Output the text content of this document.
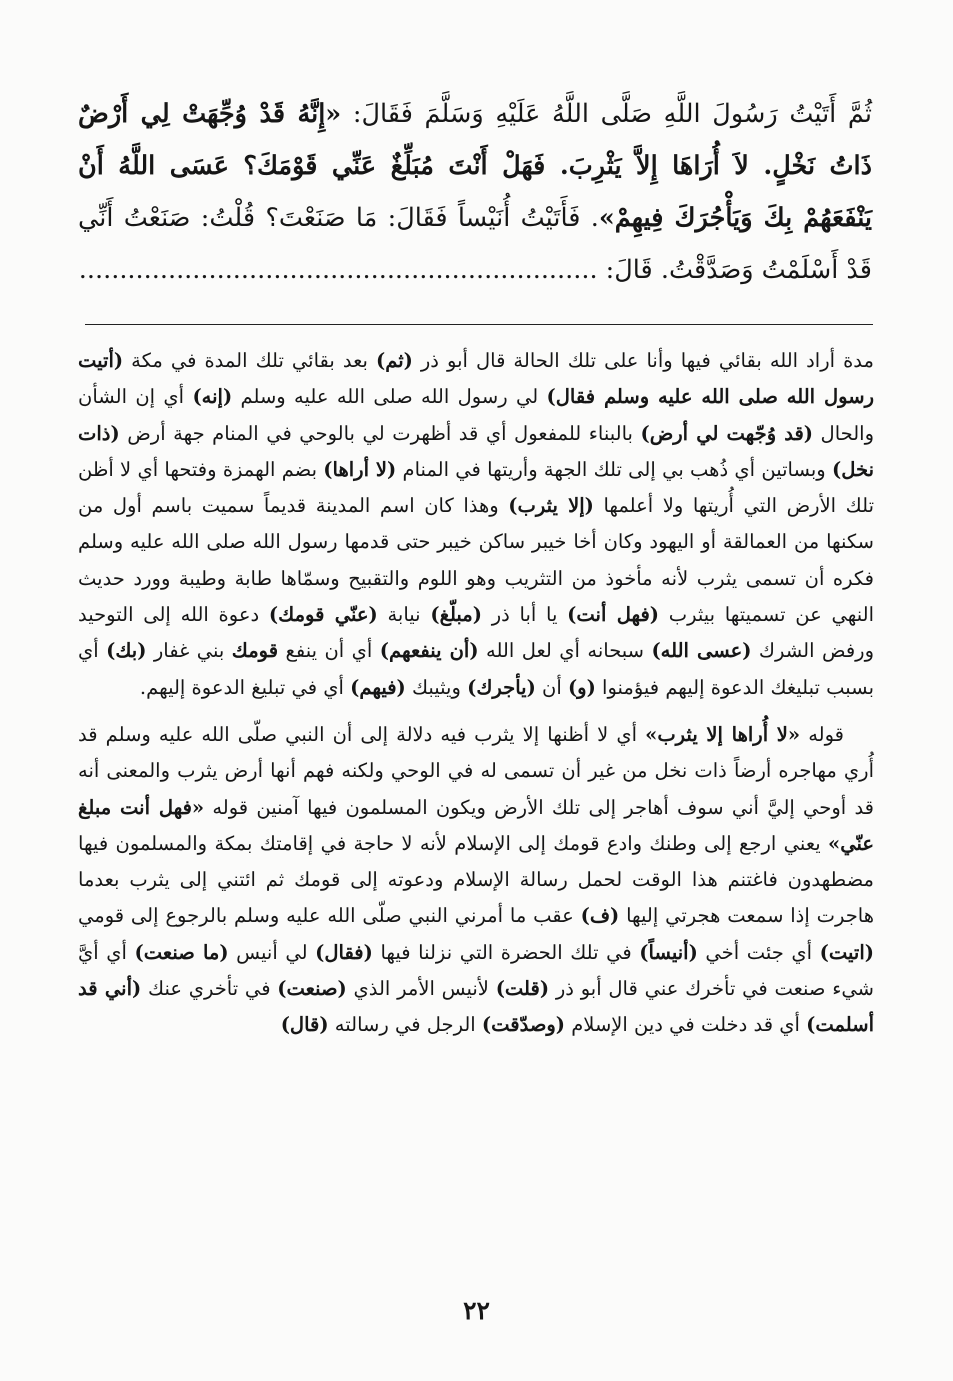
ثُمَّ أَتَيْتُ رَسُولَ اللَّهِ صَلَّى اللَّهُ عَلَيْهِ وَسَلَّمَ فَقَالَ: «إِنَّهُ قَدْ وُجِّهَتْ لِي أَرْضٌ ذَاتُ نَخْلٍ. لاَ أُرَاهَا إِلاَّ يَثْرِبَ. فَهَلْ أَنْتَ مُبَلِّغٌ عَنِّي قَوْمَكَ؟ عَسَى اللَّهُ أَنْ يَنْفَعَهُمْ بِكَ وَيَأْجُرَكَ فِيهِمْ». فَأَتَيْتُ أُنَيْساً فَقَالَ: مَا صَنَعْتَ؟ قُلْتُ: صَنَعْتُ أَنِّي قَدْ أَسْلَمْتُ وَصَدَّقْتُ. قَالَ: ................................................................

مدة أراد الله بقائي فيها وأنا على تلك الحالة قال أبو ذر (ثم) بعد بقائي تلك المدة في مكة (أتيت رسول الله صلى الله عليه وسلم فقال) لي رسول الله صلى الله عليه وسلم (إنه) أي إن الشأن والحال (قد وُجّهت لي أرض) بالبناء للمفعول أي قد أظهرت لي بالوحي في المنام جهة أرض (ذات نخل) وبساتين أي ذُهب بي إلى تلك الجهة وأريتها في المنام (لا أراها) بضم الهمزة وفتحها أي لا أظن تلك الأرض التي أُريتها ولا أعلمها (إلا يثرب) وهذا كان اسم المدينة قديماً سميت باسم أول من سكنها من العمالقة أو اليهود وكان أخا خيبر ساكن خيبر حتى قدمها رسول الله صلى الله عليه وسلم فكره أن تسمى يثرب لأنه مأخوذ من التثريب وهو اللوم والتقبيح وسمّاها طابة وطيبة وورد حديث النهي عن تسميتها بيثرب (فهل أنت) يا أبا ذر (مبلّغ) نيابة (عنّي قومك) دعوة الله إلى التوحيد ورفض الشرك (عسى الله) سبحانه أي لعل الله (أن ينفعهم) أي أن ينفع قومك بني غفار (بك) أي بسبب تبليغك الدعوة إليهم فيؤمنوا (و) أن (يأجرك) ويثيبك (فيهم) أي في تبليغ الدعوة إليهم.

قوله «لا أُراها إلا يثرب» أي لا أظنها إلا يثرب فيه دلالة إلى أن النبي صلّى الله عليه وسلم قد أُري مهاجره أرضاً ذات نخل من غير أن تسمى له في الوحي ولكنه فهم أنها أرض يثرب والمعنى أنه قد أوحي إليَّ أني سوف أهاجر إلى تلك الأرض ويكون المسلمون فيها آمنين قوله «فهل أنت مبلغ عنّي» يعني ارجع إلى وطنك وادع قومك إلى الإسلام لأنه لا حاجة في إقامتك بمكة والمسلمون فيها مضطهدون فاغتنم هذا الوقت لحمل رسالة الإسلام ودعوته إلى قومك ثم ائتني إلى يثرب بعدما هاجرت إذا سمعت هجرتي إليها (ف) عقب ما أمرني النبي صلّى الله عليه وسلم بالرجوع إلى قومي (اتيت) أي جئت أخي (أنيساً) في تلك الحضرة التي نزلنا فيها (فقال) لي أنيس (ما صنعت) أي أيَّ شيء صنعت في تأخرك عني قال أبو ذر (قلت) لأنيس الأمر الذي (صنعت) في تأخري عنك (أني قد أسلمت) أي قد دخلت في دين الإسلام (وصدّقت) الرجل في رسالته (قال)

٢٢
